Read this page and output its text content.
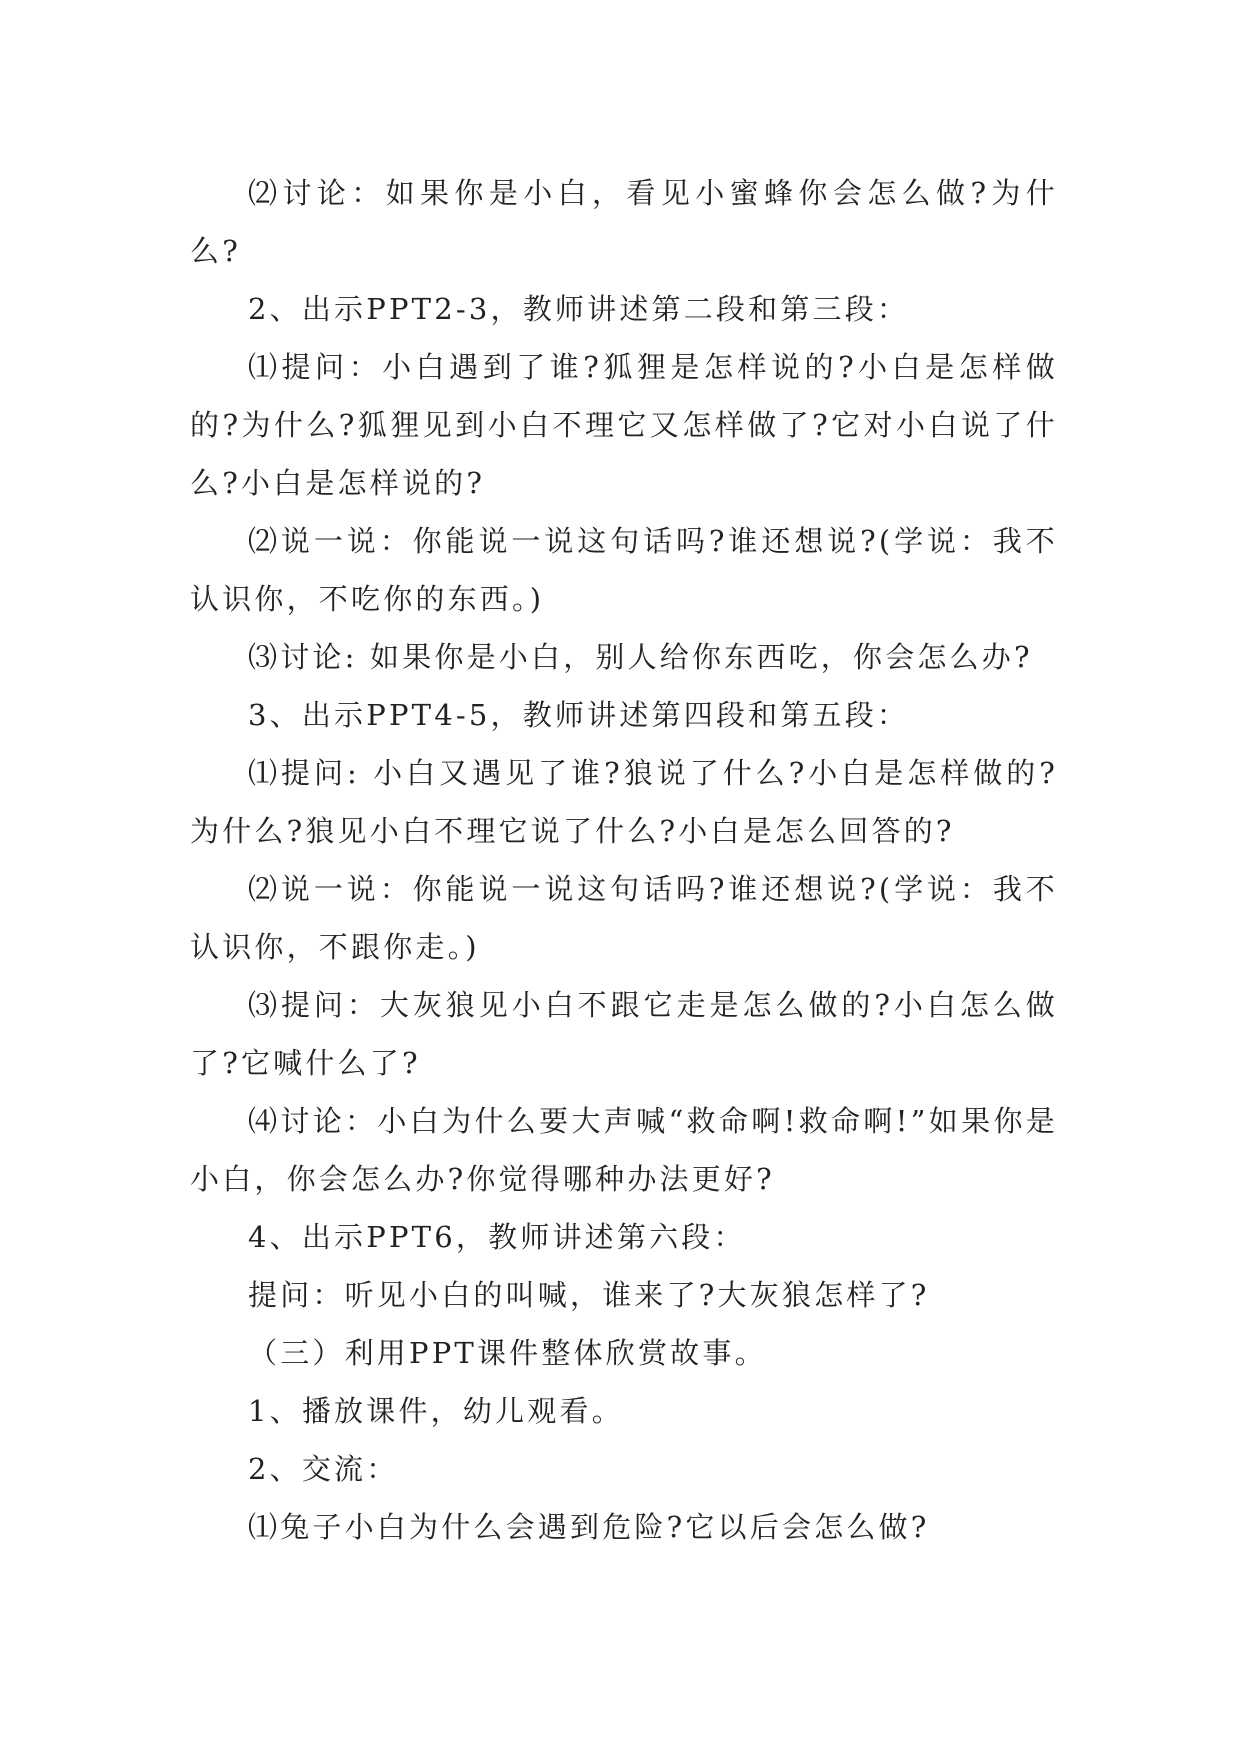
⑵讨论：如果你是小白，看见小蜜蜂你会怎么做?为什么?

2、出示PPT2-3，教师讲述第二段和第三段：

⑴提问：小白遇到了谁?狐狸是怎样说的?小白是怎样做的?为什么?狐狸见到小白不理它又怎样做了?它对小白说了什么?小白是怎样说的?

⑵说一说：你能说一说这句话吗?谁还想说?(学说：我不认识你，不吃你的东西。)

⑶讨论: 如果你是小白，别人给你东西吃，你会怎么办?

3、出示PPT4-5，教师讲述第四段和第五段：

⑴提问: 小白又遇见了谁?狼说了什么?小白是怎样做的?为什么?狼见小白不理它说了什么?小白是怎么回答的?

⑵说一说：你能说一说这句话吗?谁还想说?(学说：我不认识你，不跟你走。)

⑶提问：大灰狼见小白不跟它走是怎么做的?小白怎么做了?它喊什么了?

⑷讨论：小白为什么要大声喊“救命啊!救命啊!”如果你是小白，你会怎么办?你觉得哪种办法更好?

4、出示PPT6，教师讲述第六段：

提问：听见小白的叫喊，谁来了?大灰狼怎样了?

（三）利用PPT课件整体欣赏故事。

1、播放课件，幼儿观看。

2、交流：

⑴兔子小白为什么会遇到危险?它以后会怎么做?
